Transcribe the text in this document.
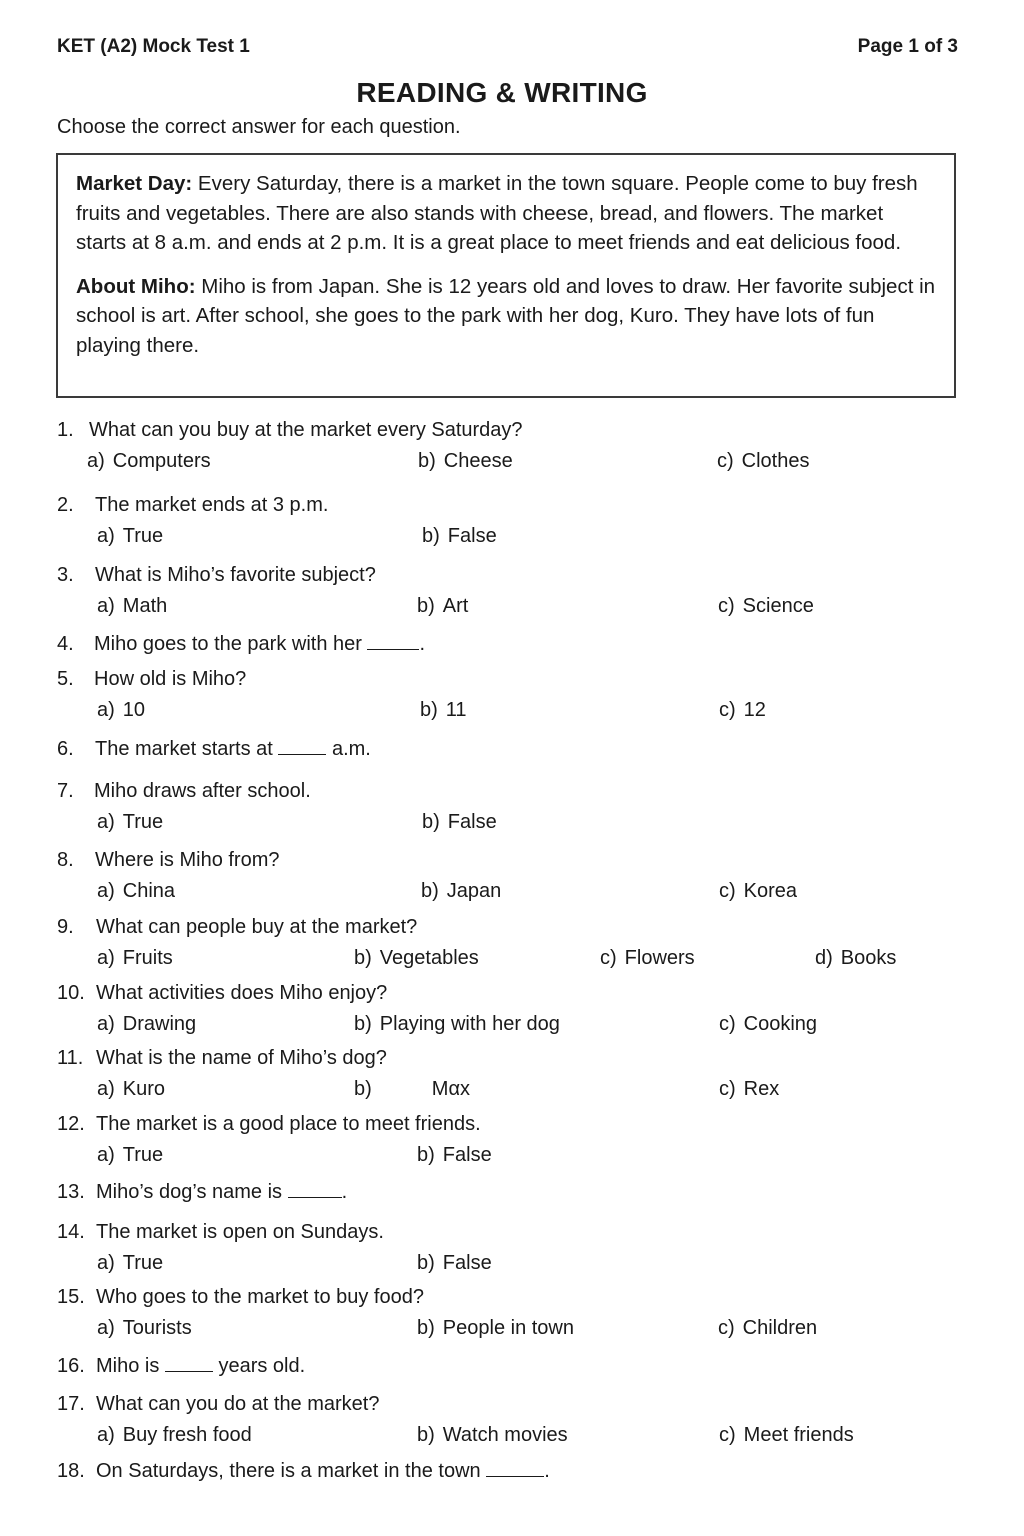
KET (A2) Mock Test 1	Page 1 of 3
READING & WRITING
Choose the correct answer for each question.

Market Day: Every Saturday, there is a market in the town square. People come to buy fresh fruits and vegetables. There are also stands with cheese, bread, and flowers. The market starts at 8 a.m. and ends at 2 p.m. It is a great place to meet friends and eat delicious food.

About Miho: Miho is from Japan. She is 12 years old and loves to draw. Her favorite subject in school is art. After school, she goes to the park with her dog, Kuro. They have lots of fun playing there.

1. What can you buy at the market every Saturday?
a) Computers	b) Cheese	c) Clothes
2.	The market ends at 3 p.m.
a) True	b) False
3.	What is Miho’s favorite subject?
a) Math	b) Art	c) Science
4.	Miho goes to the park with her	.
5.	How old is Miho?
a) 10	b) 11	c) 12
6.	The market starts at  a.m.
7.	Miho draws after school.
a) True	b) False
8.	Where is Miho from?
a) China	b) Japan	c) Korea
9.	What can people buy at the market?
a) Fruits	b) Vegetables	c) Flowers	d) Books
10. What activities does Miho enjoy?
a) Drawing	b) Playing with her dog	c) Cooking
11. What is the name of Miho’s dog?
a) Kuro	b)	Mαx	c) Rex
12. The market is a good place to meet friends.
a) True	b) False
13. Miho’s dog’s name is	.
14. The market is open on Sundays.
a) True	b) False
15. Who goes to the market to buy food?
a) Tourists	b) People in town	c) Children
16. Miho is  years old.
17. What can you do at the market?
a) Buy fresh food	b) Watch movies	c) Meet friends
18. On Saturdays, there is a market in the town	.
